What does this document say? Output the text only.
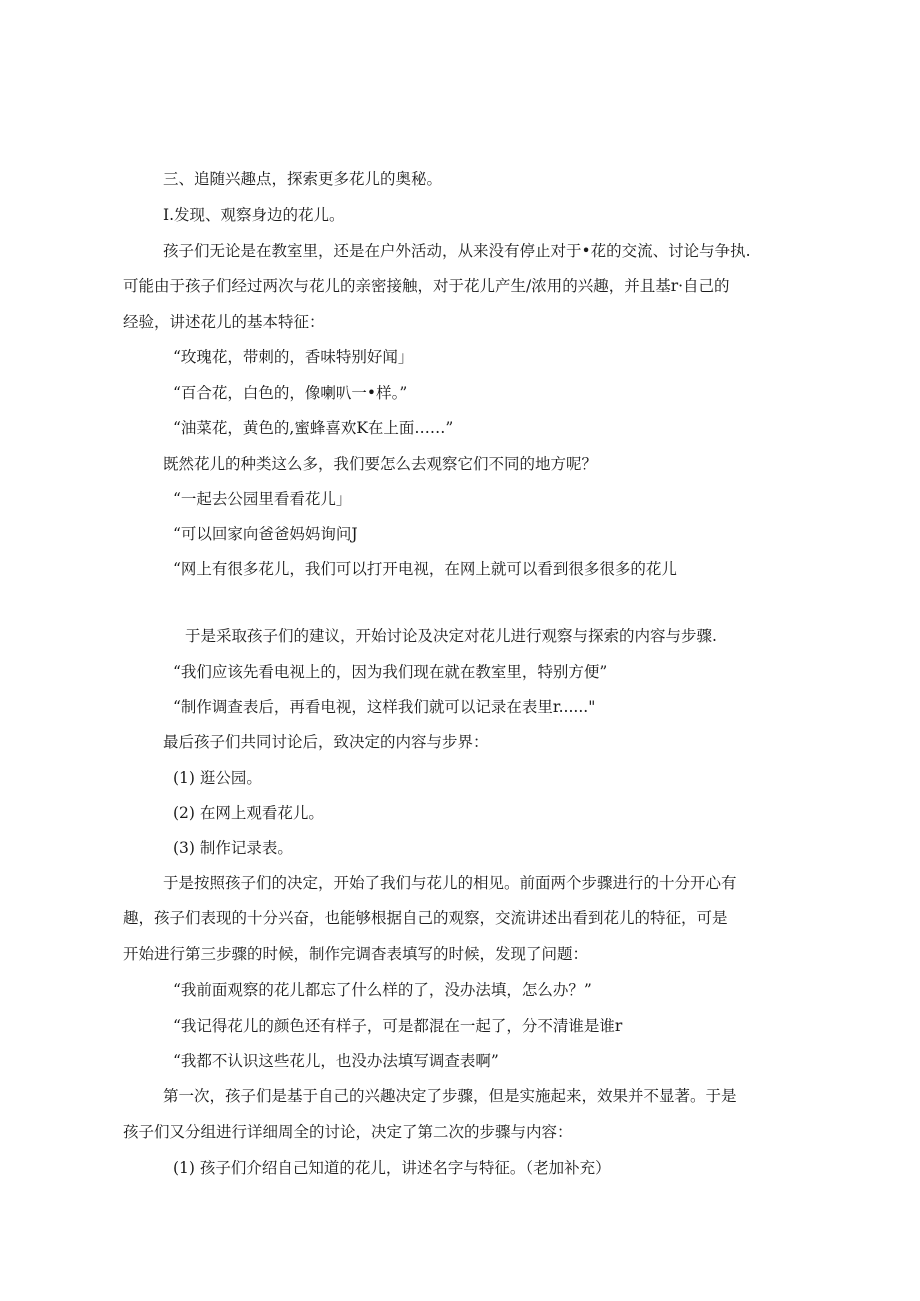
三、追随兴趣点，探索更多花儿的奥秘。
I.发现、观察身边的花儿。
孩子们无论是在教室里，还是在户外活动，从来没有停止对于•花的交流、讨论与争执.
可能由于孩子们经过两次与花儿的亲密接触，对于花儿产生/浓用的兴趣，并且基r·自己的
经验，讲述花儿的基本特征：
“玫瑰花，带刺的，香味特别好闻」
“百合花，白色的，像喇叭一•样。”
“油菜花，黄色的,蜜蜂喜欢K在上面……”
既然花儿的种类这么多，我们要怎么去观察它们不同的地方呢？
“一起去公园里看看花儿」
“可以回家向爸爸妈妈询问J
“网上有很多花儿，我们可以打开电视，在网上就可以看到很多很多的花儿
于是采取孩子们的建议，开始讨论及决定对花儿进行观察与探索的内容与步骤.
“我们应该先看电视上的，因为我们现在就在教室里，特别方便”
“制作调查表后，再看电视，这样我们就可以记录在表里r......"
最后孩子们共同讨论后，致决定的内容与步界：
(1) 逛公园。
(2) 在网上观看花儿。
(3) 制作记录表。
于是按照孩子们的决定，开始了我们与花儿的相见。前面两个步骤进行的十分开心有
趣，孩子们表现的十分兴奋，也能够根据自己的观察，交流讲述出看到花儿的特征，可是
开始进行第三步骤的时候，制作完调杳表填写的时候，发现了问题：
“我前面观察的花儿都忘了什么样的了，没办法填，怎么办？”
“我记得花儿的颜色还有样子，可是都混在一起了，分不清谁是谁r
“我都不认识这些花儿，也没办法填写调查表啊”
第一次，孩子们是基于自己的兴趣决定了步骤，但是实施起来，效果并不显著。于是
孩子们又分组进行详细周全的讨论，决定了第二次的步骤与内容：
(1) 孩子们介绍自己知道的花儿，讲述名字与特征。（老加补充）
